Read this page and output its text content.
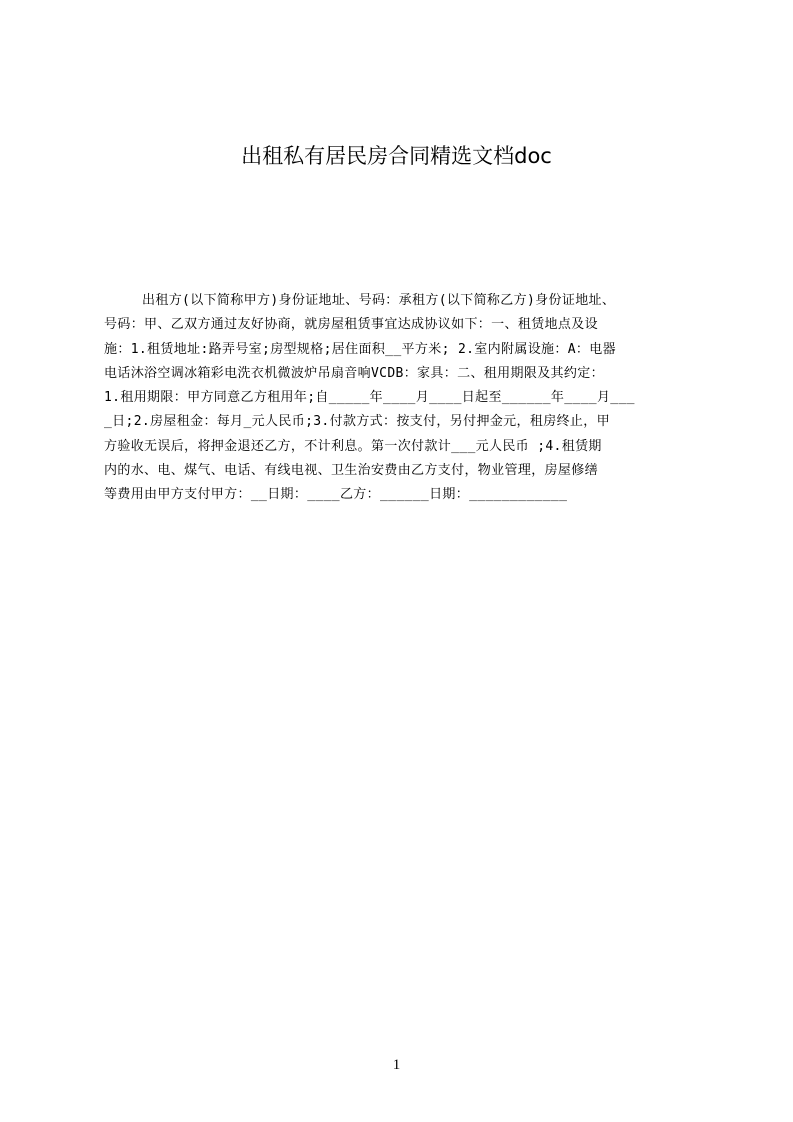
出租私有居民房合同精选文档doc
出租方(以下简称甲方)身份证地址、号码：承租方(以下简称乙方)身份证地址、
号码：甲、乙双方通过友好协商，就房屋租赁事宜达成协议如下：一、租赁地点及设
施：1.租赁地址:路弄号室;房型规格;居住面积__平方米; 2.室内附属设施：A：电器
电话沐浴空调冰箱彩电洗衣机微波炉吊扇音响VCDB：家具：二、租用期限及其约定：
1.租用期限：甲方同意乙方租用年;自_____年____月____日起至______年____月___
_日;2.房屋租金：每月_元人民币;3.付款方式：按支付，另付押金元，租房终止，甲
方验收无误后，将押金退还乙方，不计利息。第一次付款计___元人民币 ;4.租赁期
内的水、电、煤气、电话、有线电视、卫生治安费由乙方支付，物业管理，房屋修缮
等费用由甲方支付甲方：__日期：____乙方：______日期：____________
1
